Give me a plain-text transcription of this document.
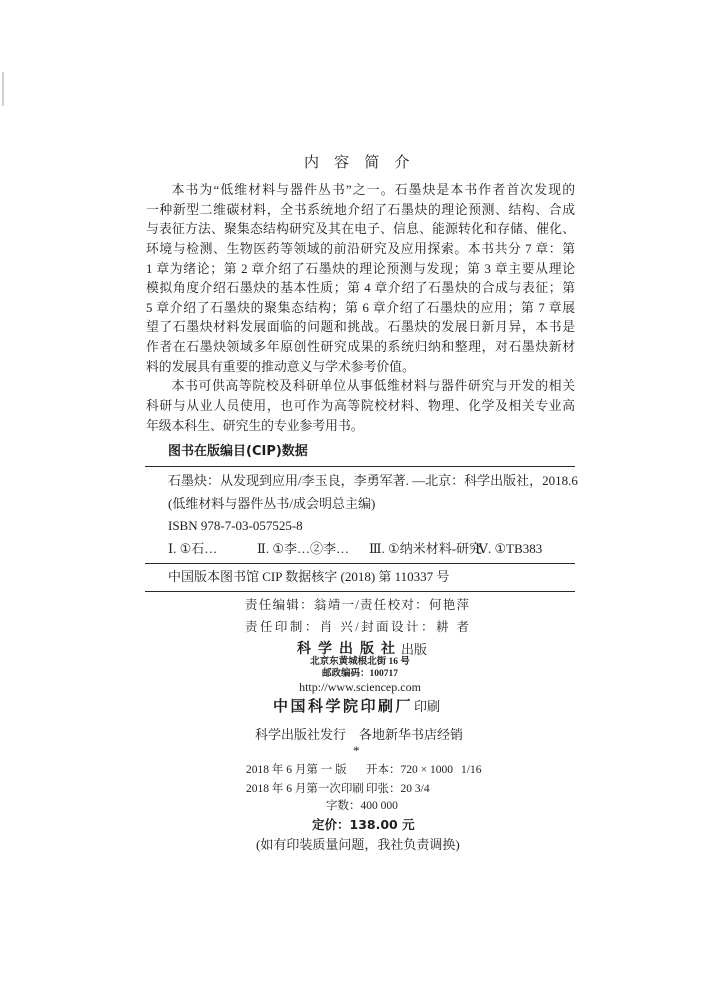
内 容 简 介
本书为“低维材料与器件丛书”之一。石墨炔是本书作者首次发现的
一种新型二维碳材料，全书系统地介绍了石墨炔的理论预测、结构、合成
与表征方法、聚集态结构研究及其在电子、信息、能源转化和存储、催化、
环境与检测、生物医药等领域的前沿研究及应用探索。本书共分 7 章：第
1 章为绪论；第 2 章介绍了石墨炔的理论预测与发现；第 3 章主要从理论
模拟角度介绍石墨炔的基本性质；第 4 章介绍了石墨炔的合成与表征；第
5 章介绍了石墨炔的聚集态结构；第 6 章介绍了石墨炔的应用；第 7 章展
望了石墨炔材料发展面临的问题和挑战。石墨炔的发展日新月异，本书是
作者在石墨炔领域多年原创性研究成果的系统归纳和整理，对石墨炔新材
料的发展具有重要的推动意义与学术参考价值。
本书可供高等院校及科研单位从事低维材料与器件研究与开发的相关
科研与从业人员使用，也可作为高等院校材料、物理、化学及相关专业高
年级本科生、研究生的专业参考用书。
图书在版编目(CIP)数据
石墨炔：从发现到应用/李玉良，李勇军著. —北京：科学出版社，2018.6
(低维材料与器件丛书/成会明总主编)
ISBN 978-7-03-057525-8
Ⅰ. ①石…	Ⅱ. ①李…②李… Ⅲ. ①纳米材料-研究
Ⅳ. ①TB383
中国版本图书馆 CIP 数据核字 (2018) 第 110337 号
责任编辑：翁靖一/责任校对：何艳萍
责任印制：肖 兴/封面设计：耕 者
科学出版社 出版
北京东黄城根北街 16 号
邮政编码：100717
http://www.sciencep.com
中国科学院印刷厂 印刷
科学出版社发行　各地新华书店经销
*
2018 年 6 月第 一 版 开本：720 × 1000 1/16
2018 年 6 月第一次印刷 印张：20 3/4
字数：400 000
定价：138.00 元
(如有印装质量问题，我社负责调换)
